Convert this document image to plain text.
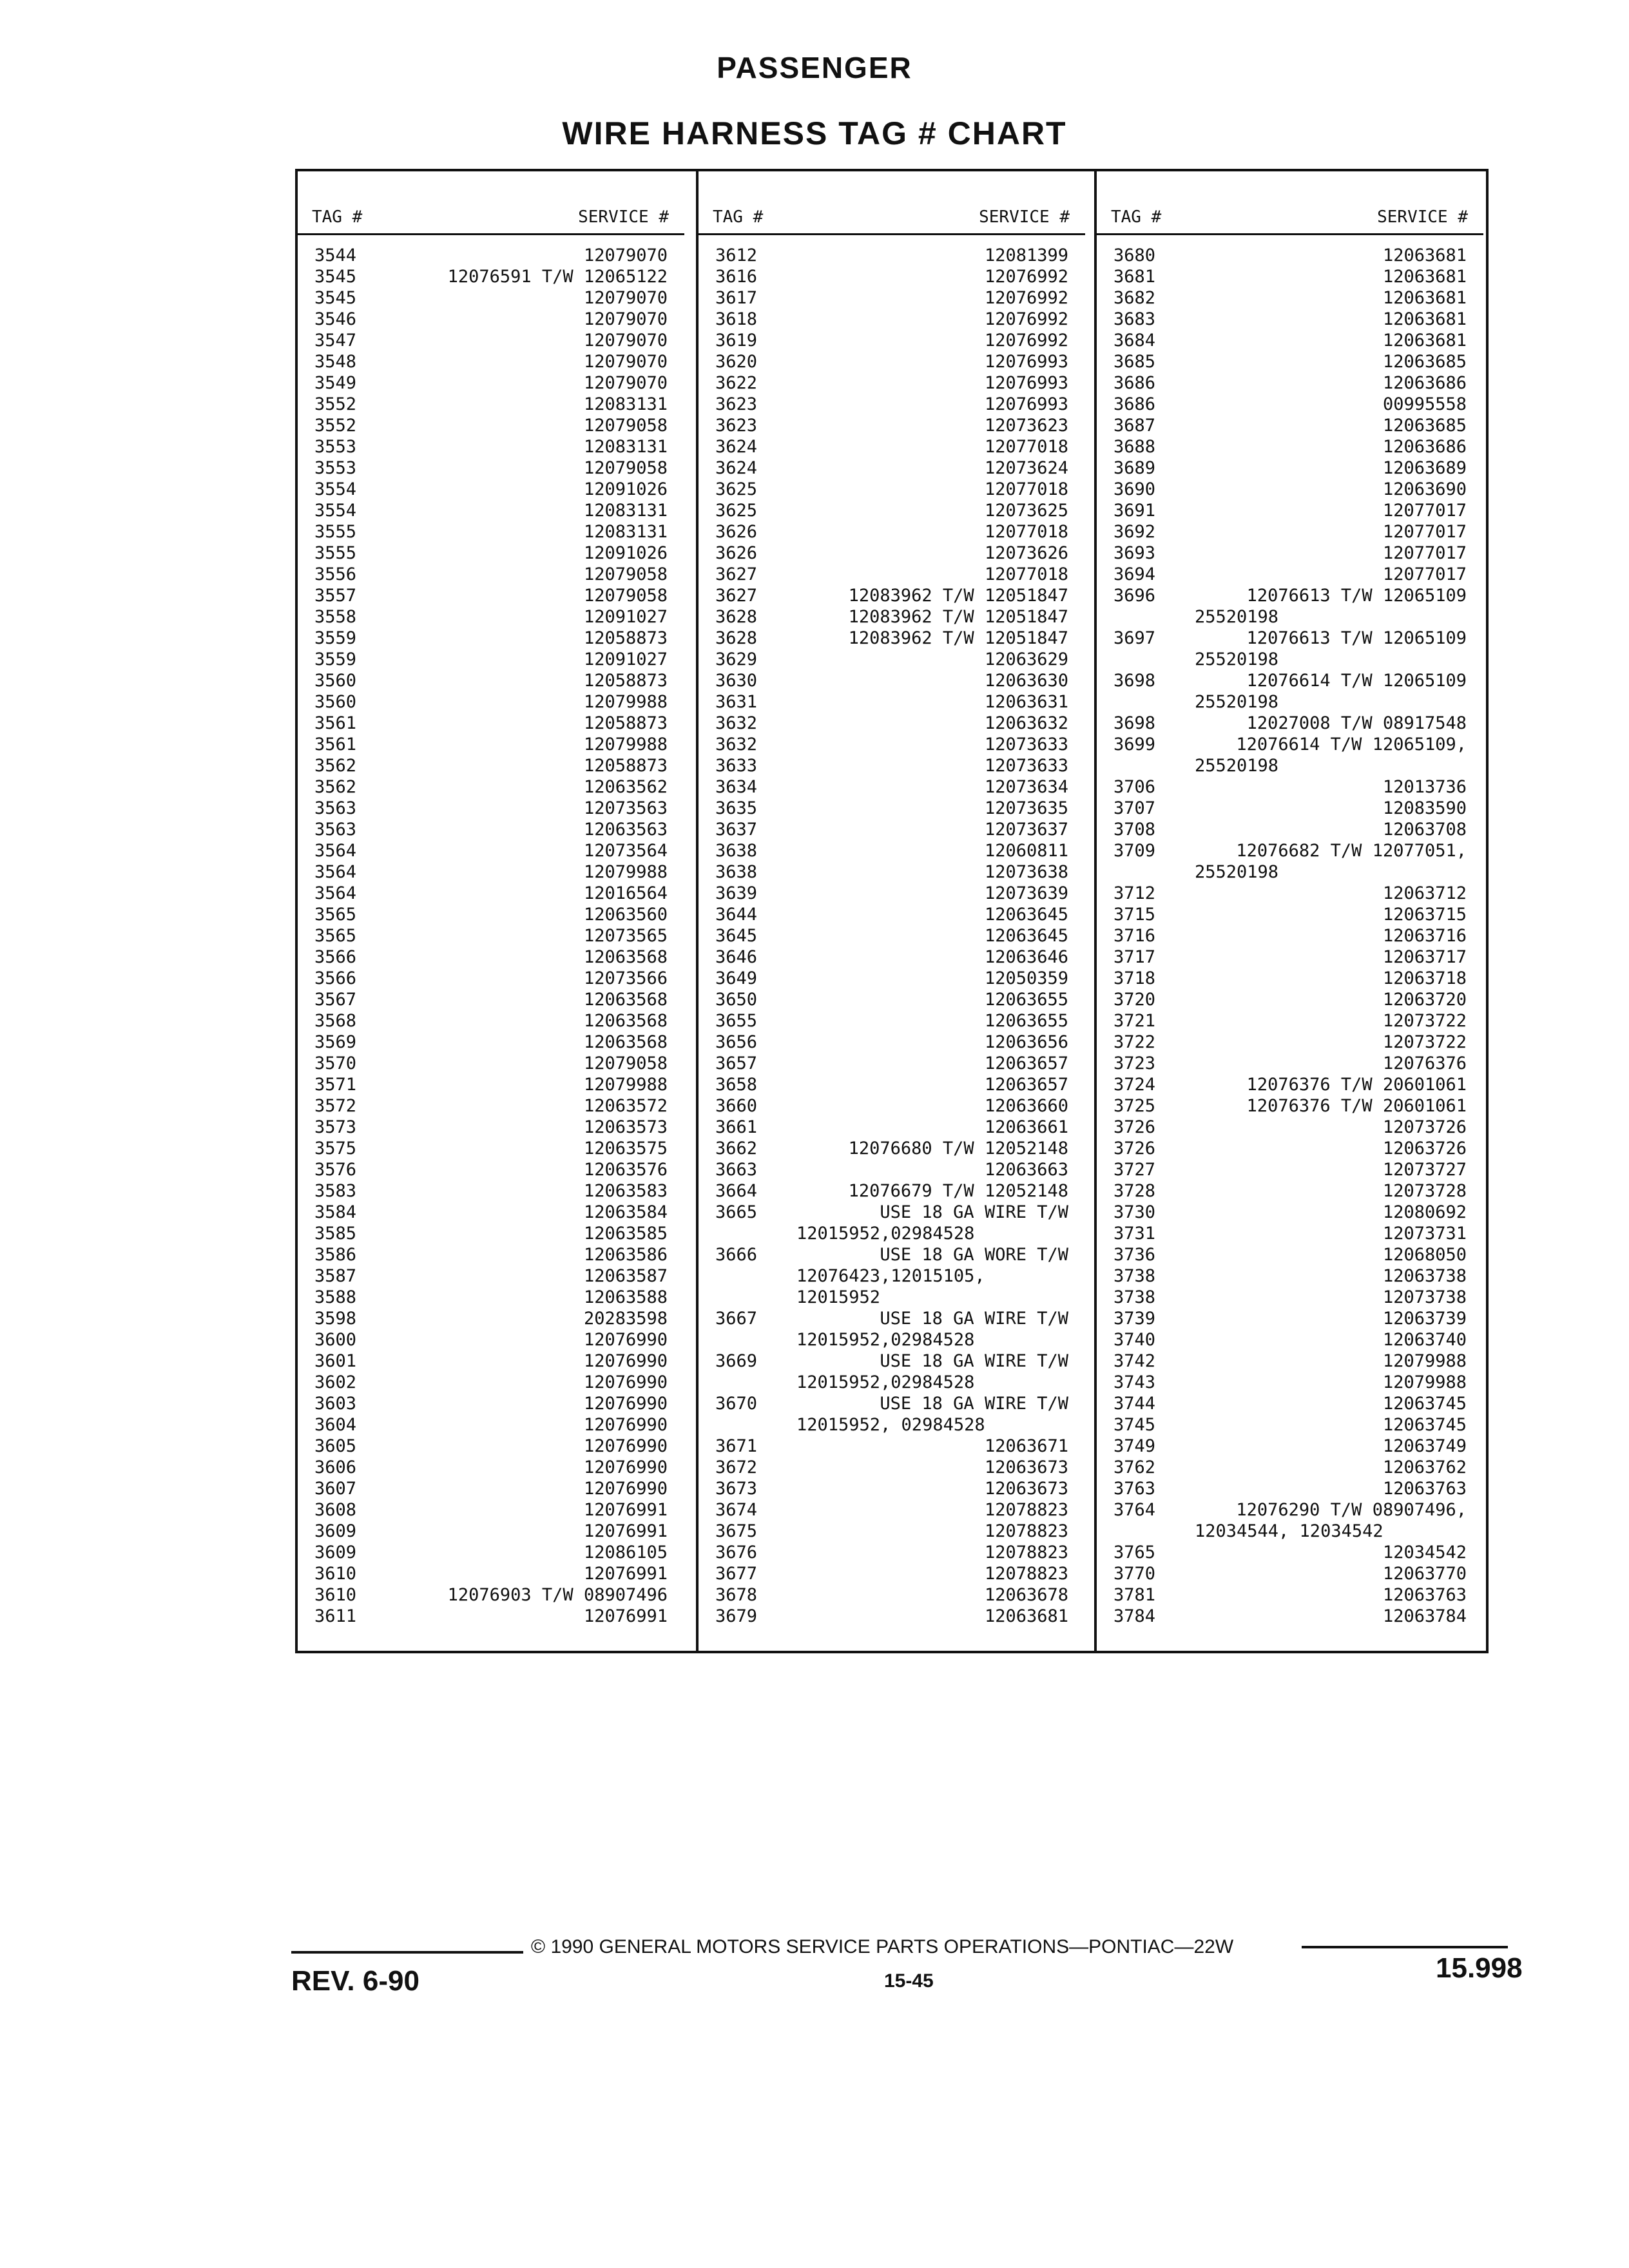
PASSENGER
WIRE HARNESS TAG # CHART
TAG #	SERVICE #
3544	12079070
3545	12076591 T/W 12065122
3545	12079070
3546	12079070
3547	12079070
3548	12079070
3549	12079070
3552	12083131
3552	12079058
3553	12083131
3553	12079058
3554	12091026
3554	12083131
3555	12083131
3555	12091026
3556	12079058
3557	12079058
3558	12091027
3559	12058873
3559	12091027
3560	12058873
3560	12079988
3561	12058873
3561	12079988
3562	12058873
3562	12063562
3563	12073563
3563	12063563
3564	12073564
3564	12079988
3564	12016564
3565	12063560
3565	12073565
3566	12063568
3566	12073566
3567	12063568
3568	12063568
3569	12063568
3570	12079058
3571	12079988
3572	12063572
3573	12063573
3575	12063575
3576	12063576
3583	12063583
3584	12063584
3585	12063585
3586	12063586
3587	12063587
3588	12063588
3598	20283598
3600	12076990
3601	12076990
3602	12076990
3603	12076990
3604	12076990
3605	12076990
3606	12076990
3607	12076990
3608	12076991
3609	12076991
3609	12086105
3610	12076991
3610	12076903 T/W 08907496
3611	12076991
TAG #	SERVICE #
3612	12081399
3616	12076992
3617	12076992
3618	12076992
3619	12076992
3620	12076993
3622	12076993
3623	12076993
3623	12073623
3624	12077018
3624	12073624
3625	12077018
3625	12073625
3626	12077018
3626	12073626
3627	12077018
3627	12083962 T/W 12051847
3628	12083962 T/W 12051847
3628	12083962 T/W 12051847
3629	12063629
3630	12063630
3631	12063631
3632	12063632
3632	12073633
3633	12073633
3634	12073634
3635	12073635
3637	12073637
3638	12060811
3638	12073638
3639	12073639
3644	12063645
3645	12063645
3646	12063646
3649	12050359
3650	12063655
3655	12063655
3656	12063656
3657	12063657
3658	12063657
3660	12063660
3661	12063661
3662	12076680 T/W 12052148
3663	12063663
3664	12076679 T/W 12052148
3665	USE 18 GA WIRE T/W
12015952,02984528
3666	USE 18 GA WORE T/W
12076423,12015105,
12015952
3667	USE 18 GA WIRE T/W
12015952,02984528
3669	USE 18 GA WIRE T/W
12015952,02984528
3670	USE 18 GA WIRE T/W
12015952, 02984528
3671	12063671
3672	12063673
3673	12063673
3674	12078823
3675	12078823
3676	12078823
3677	12078823
3678	12063678
3679	12063681
TAG #	SERVICE #
3680	12063681
3681	12063681
3682	12063681
3683	12063681
3684	12063681
3685	12063685
3686	12063686
3686	00995558
3687	12063685
3688	12063686
3689	12063689
3690	12063690
3691	12077017
3692	12077017
3693	12077017
3694	12077017
3696	12076613 T/W 12065109
25520198
3697	12076613 T/W 12065109
25520198
3698	12076614 T/W 12065109
25520198
3698	12027008 T/W 08917548
3699	12076614 T/W 12065109,
25520198
3706	12013736
3707	12083590
3708	12063708
3709	12076682 T/W 12077051,
25520198
3712	12063712
3715	12063715
3716	12063716
3717	12063717
3718	12063718
3720	12063720
3721	12073722
3722	12073722
3723	12076376
3724	12076376 T/W 20601061
3725	12076376 T/W 20601061
3726	12073726
3726	12063726
3727	12073727
3728	12073728
3730	12080692
3731	12073731
3736	12068050
3738	12063738
3738	12073738
3739	12063739
3740	12063740
3742	12079988
3743	12079988
3744	12063745
3745	12063745
3749	12063749
3762	12063762
3763	12063763
3764	12076290 T/W 08907496,
12034544, 12034542
3765	12034542
3770	12063770
3781	12063763
3784	12063784
© 1990 GENERAL MOTORS SERVICE PARTS OPERATIONS—PONTIAC—22W
REV. 6-90	15-45	15.998
